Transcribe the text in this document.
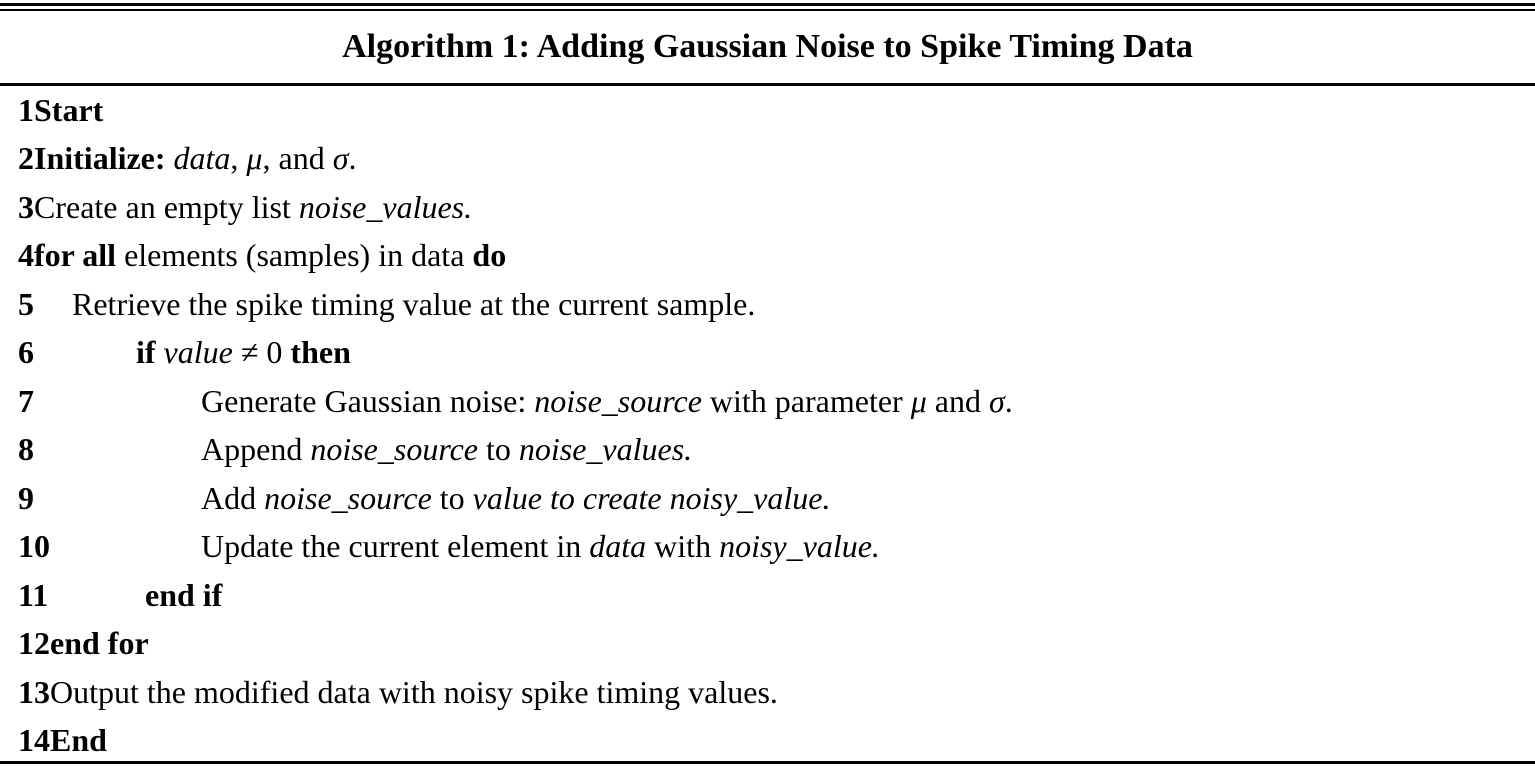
Algorithm 1: Adding Gaussian Noise to Spike Timing Data
1 Start
2 Initialize: data, μ, and σ.
3 Create an empty list noise_values.
4 for all elements (samples) in data do
5 Retrieve the spike timing value at the current sample.
6	if value ≠ 0 then
7	Generate Gaussian noise: noise_source with parameter μ and σ.
8	Append noise_source to noise_values.
9	Add noise_source to value to create noisy_value.
10	Update the current element in data with noisy_value.
11	end if
12 end for
13 Output the modified data with noisy spike timing values.
14 End
